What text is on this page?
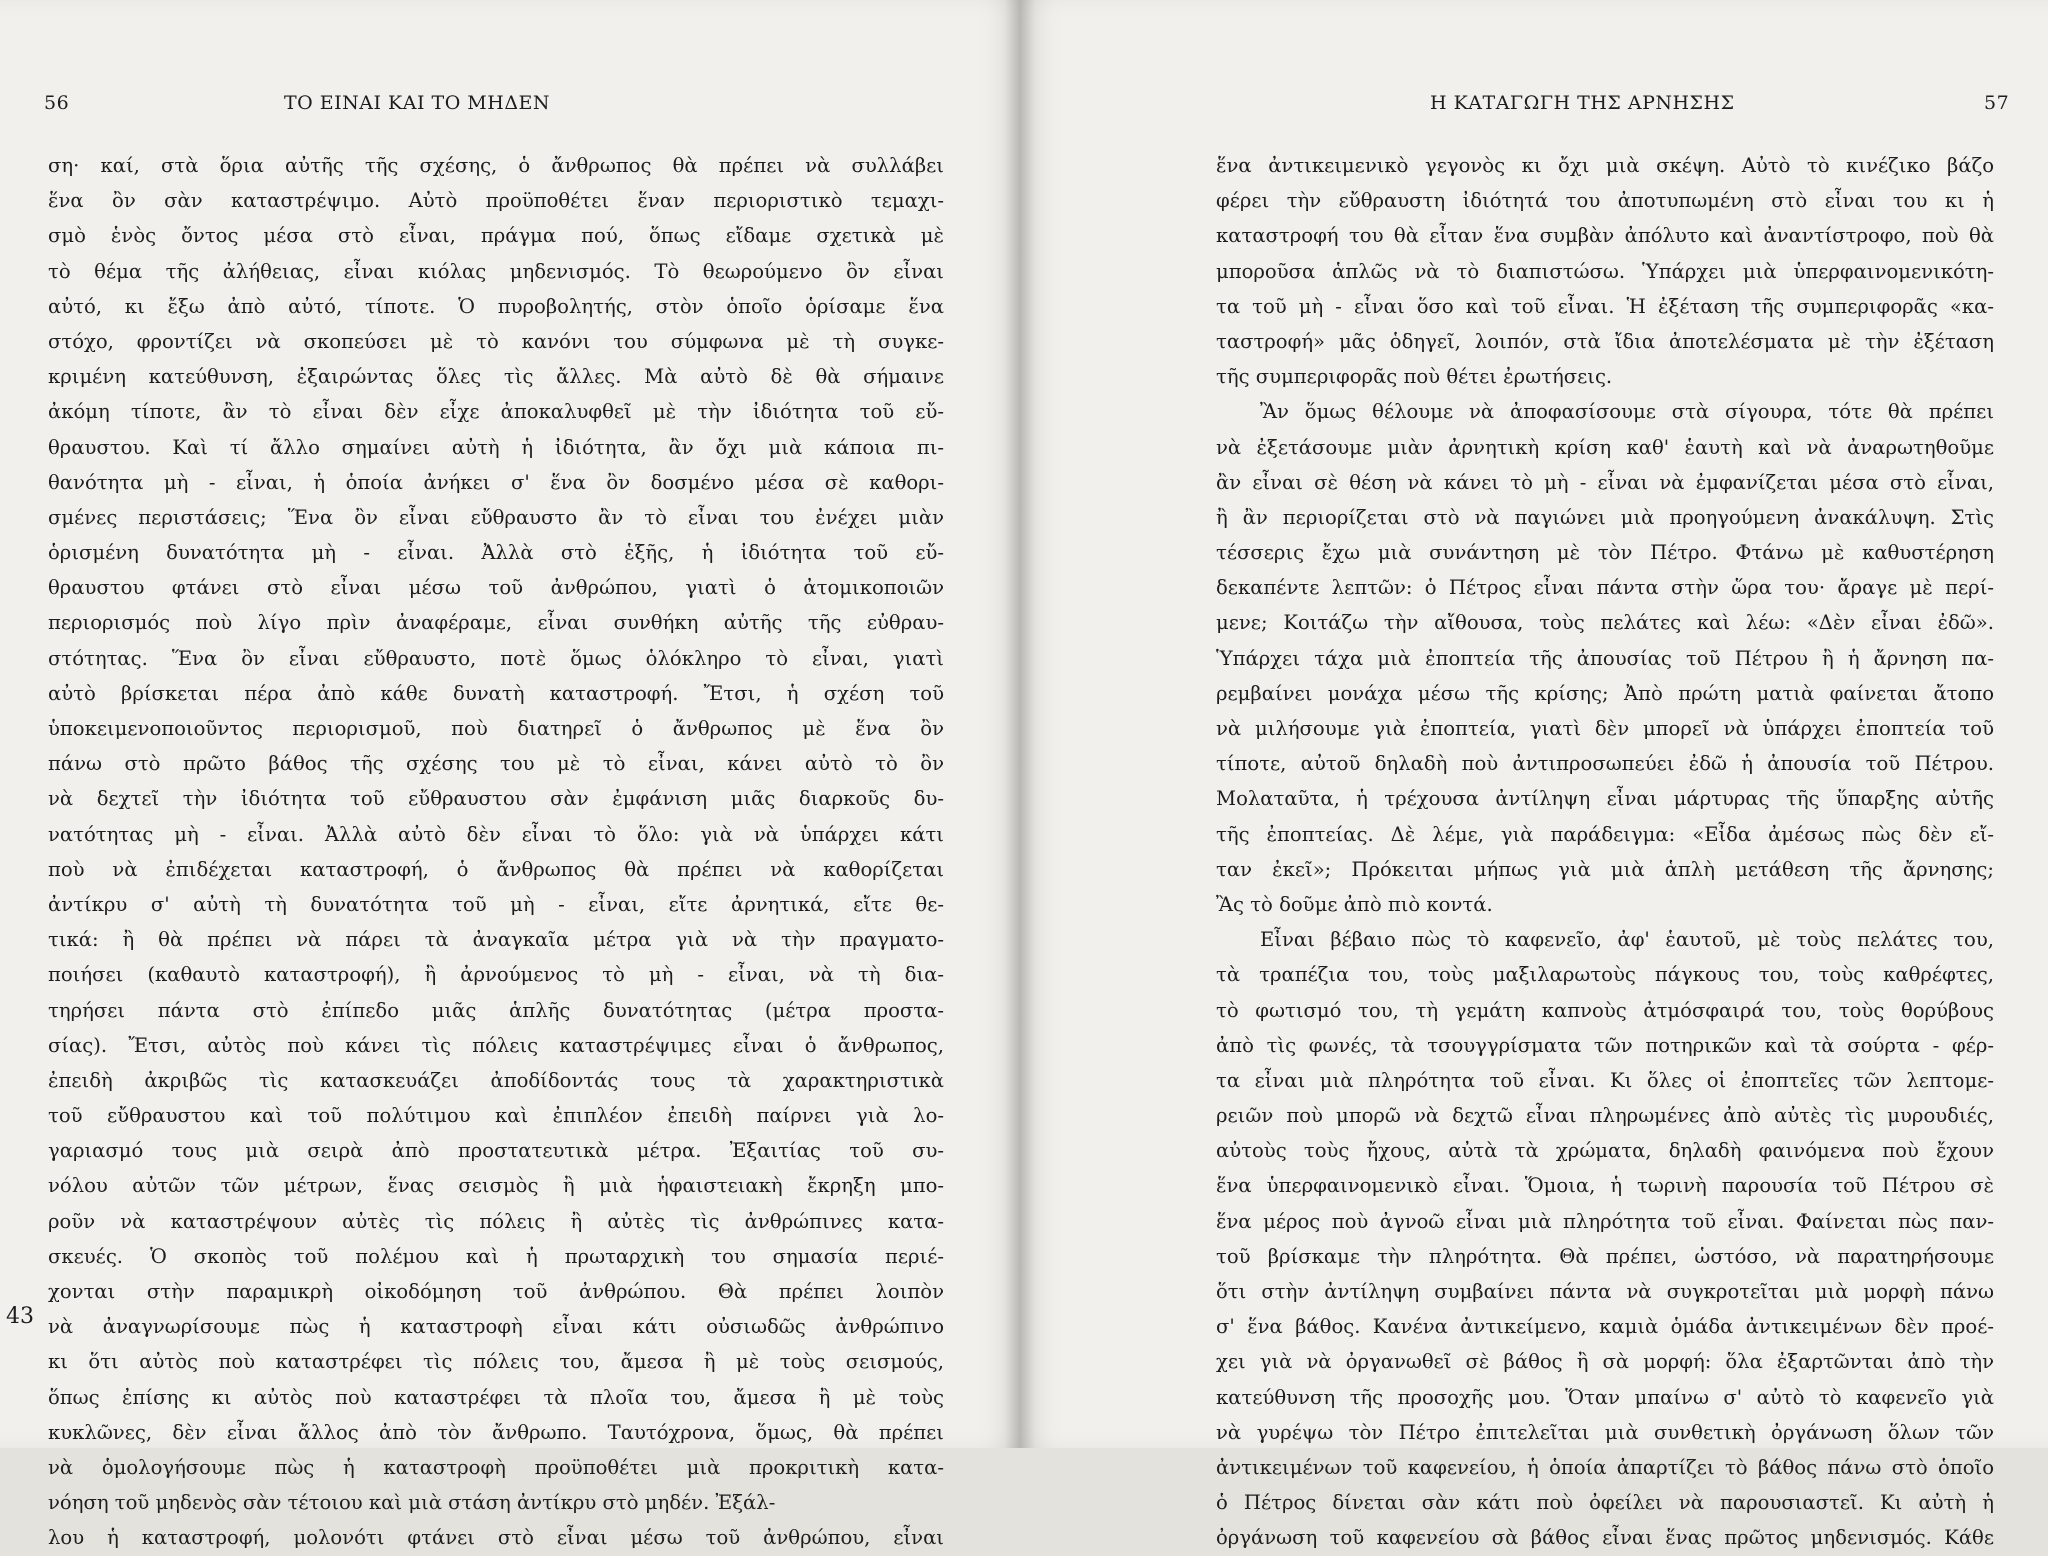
56	ΤΟ ΕΙΝΑΙ ΚΑΙ ΤΟ ΜΗΔΕΝ
43
ση· καί, στὰ ὅρια αὐτῆς τῆς σχέσης, ὁ ἄνθρωπος θὰ πρέπει νὰ συλλάβει
ἕνα ὂν σὰν καταστρέψιμο. Αὐτὸ προϋποθέτει ἕναν περιοριστικὸ τεμαχι-
σμὸ ἑνὸς ὄντος μέσα στὸ εἶναι, πράγμα πού, ὅπως εἴδαμε σχετικὰ μὲ
τὸ θέμα τῆς ἀλήθειας, εἶναι κιόλας μηδενισμός. Τὸ θεωρούμενο ὂν εἶναι
αὐτό, κι ἔξω ἀπὸ αὐτό, τίποτε. Ὁ πυροβολητής, στὸν ὁποῖο ὁρίσαμε ἕνα
στόχο, φροντίζει νὰ σκοπεύσει μὲ τὸ κανόνι του σύμφωνα μὲ τὴ συγκε-
κριμένη κατεύθυνση, ἐξαιρώντας ὅλες τὶς ἄλλες. Μὰ αὐτὸ δὲ θὰ σήμαινε
ἀκόμη τίποτε, ἂν τὸ εἶναι δὲν εἶχε ἀποκαλυφθεῖ μὲ τὴν ἰδιότητα τοῦ εὔ-
θραυστου. Καὶ τί ἄλλο σημαίνει αὐτὴ ἡ ἰδιότητα, ἂν ὄχι μιὰ κάποια πι-
θανότητα μὴ - εἶναι, ἡ ὁποία ἀνήκει σ' ἕνα ὂν δοσμένο μέσα σὲ καθορι-
σμένες περιστάσεις; Ἕνα ὂν εἶναι εὔθραυστο ἂν τὸ εἶναι του ἐνέχει μιὰν
ὁρισμένη δυνατότητα μὴ - εἶναι. Ἀλλὰ στὸ ἑξῆς, ἡ ἰδιότητα τοῦ εὔ-
θραυστου φτάνει στὸ εἶναι μέσω τοῦ ἀνθρώπου, γιατὶ ὁ ἀτομικοποιῶν
περιορισμός ποὺ λίγο πρὶν ἀναφέραμε, εἶναι συνθήκη αὐτῆς τῆς εὐθραυ-
στότητας. Ἕνα ὂν εἶναι εὔθραυστο, ποτὲ ὅμως ὁλόκληρο τὸ εἶναι, γιατὶ
αὐτὸ βρίσκεται πέρα ἀπὸ κάθε δυνατὴ καταστροφή. Ἔτσι, ἡ σχέση τοῦ
ὑποκειμενοποιοῦντος περιορισμοῦ, ποὺ διατηρεῖ ὁ ἄνθρωπος μὲ ἕνα ὂν
πάνω στὸ πρῶτο βάθος τῆς σχέσης του μὲ τὸ εἶναι, κάνει αὐτὸ τὸ ὂν
νὰ δεχτεῖ τὴν ἰδιότητα τοῦ εὔθραυστου σὰν ἐμφάνιση μιᾶς διαρκοῦς δυ-
νατότητας μὴ - εἶναι. Ἀλλὰ αὐτὸ δὲν εἶναι τὸ ὅλο: γιὰ νὰ ὑπάρχει κάτι
ποὺ νὰ ἐπιδέχεται καταστροφή, ὁ ἄνθρωπος θὰ πρέπει νὰ καθορίζεται
ἀντίκρυ σ' αὐτὴ τὴ δυνατότητα τοῦ μὴ - εἶναι, εἴτε ἀρνητικά, εἴτε θε-
τικά: ἢ θὰ πρέπει νὰ πάρει τὰ ἀναγκαῖα μέτρα γιὰ νὰ τὴν πραγματο-
ποιήσει (καθαυτὸ καταστροφή), ἢ ἀρνούμενος τὸ μὴ - εἶναι, νὰ τὴ δια-
τηρήσει πάντα στὸ ἐπίπεδο μιᾶς ἁπλῆς δυνατότητας (μέτρα προστα-
σίας). Ἔτσι, αὐτὸς ποὺ κάνει τὶς πόλεις καταστρέψιμες εἶναι ὁ ἄνθρωπος,
ἐπειδὴ ἀκριβῶς τὶς κατασκευάζει ἀποδίδοντάς τους τὰ χαρακτηριστικὰ
τοῦ εὔθραυστου καὶ τοῦ πολύτιμου καὶ ἐπιπλέον ἐπειδὴ παίρνει γιὰ λο-
γαριασμό τους μιὰ σειρὰ ἀπὸ προστατευτικὰ μέτρα. Ἐξαιτίας τοῦ συ-
νόλου αὐτῶν τῶν μέτρων, ἕνας σεισμὸς ἢ μιὰ ἡφαιστειακὴ ἔκρηξη μπο-
ροῦν νὰ καταστρέψουν αὐτὲς τὶς πόλεις ἢ αὐτὲς τὶς ἀνθρώπινες κατα-
σκευές. Ὁ σκοπὸς τοῦ πολέμου καὶ ἡ πρωταρχικὴ του σημασία περιέ-
χονται στὴν παραμικρὴ οἰκοδόμηση τοῦ ἀνθρώπου. Θὰ πρέπει λοιπὸν
νὰ ἀναγνωρίσουμε πὼς ἡ καταστροφὴ εἶναι κάτι οὐσιωδῶς ἀνθρώπινο
κι ὅτι αὐτὸς ποὺ καταστρέφει τὶς πόλεις του, ἄμεσα ἢ μὲ τοὺς σεισμούς,
ὅπως ἐπίσης κι αὐτὸς ποὺ καταστρέφει τὰ πλοῖα του, ἄμεσα ἢ μὲ τοὺς
κυκλῶνες, δὲν εἶναι ἄλλος ἀπὸ τὸν ἄνθρωπο. Ταυτόχρονα, ὅμως, θὰ πρέπει
νὰ ὁμολογήσουμε πὼς ἡ καταστροφὴ προϋποθέτει μιὰ προκριτικὴ κατα-
νόηση τοῦ μηδενὸς σὰν τέτοιου καὶ μιὰ στάση ἀντίκρυ στὸ μηδέν. Ἐξάλ-
λου ἡ καταστροφή, μολονότι φτάνει στὸ εἶναι μέσω τοῦ ἀνθρώπου, εἶναι
Η ΚΑΤΑΓΩΓΗ ΤΗΣ ΑΡΝΗΣΗΣ	57
ἕνα ἀντικειμενικὸ γεγονὸς κι ὄχι μιὰ σκέψη. Αὐτὸ τὸ κινέζικο βάζο
φέρει τὴν εὔθραυστη ἰδιότητά του ἀποτυπωμένη στὸ εἶναι του κι ἡ
καταστροφή του θὰ εἶταν ἕνα συμβὰν ἀπόλυτο καὶ ἀναντίστροφο, ποὺ θὰ
μποροῦσα ἁπλῶς νὰ τὸ διαπιστώσω. Ὑπάρχει μιὰ ὑπερφαινομενικότη-
τα τοῦ μὴ - εἶναι ὅσο καὶ τοῦ εἶναι. Ἡ ἐξέταση τῆς συμπεριφορᾶς «κα-
ταστροφή» μᾶς ὁδηγεῖ, λοιπόν, στὰ ἴδια ἀποτελέσματα μὲ τὴν ἐξέταση
τῆς συμπεριφορᾶς ποὺ θέτει ἐρωτήσεις.
Ἂν ὅμως θέλουμε νὰ ἀποφασίσουμε στὰ σίγουρα, τότε θὰ πρέπει
νὰ ἐξετάσουμε μιὰν ἀρνητικὴ κρίση καθ' ἑαυτὴ καὶ νὰ ἀναρωτηθοῦμε
ἂν εἶναι σὲ θέση νὰ κάνει τὸ μὴ - εἶναι νὰ ἐμφανίζεται μέσα στὸ εἶναι,
ἢ ἂν περιορίζεται στὸ νὰ παγιώνει μιὰ προηγούμενη ἀνακάλυψη. Στὶς
τέσσερις ἔχω μιὰ συνάντηση μὲ τὸν Πέτρο. Φτάνω μὲ καθυστέρηση
δεκαπέντε λεπτῶν: ὁ Πέτρος εἶναι πάντα στὴν ὥρα του· ἄραγε μὲ περί-
μενε; Κοιτάζω τὴν αἴθουσα, τοὺς πελάτες καὶ λέω: «Δὲν εἶναι ἐδῶ».
Ὑπάρχει τάχα μιὰ ἐποπτεία τῆς ἀπουσίας τοῦ Πέτρου ἢ ἡ ἄρνηση πα-
ρεμβαίνει μονάχα μέσω τῆς κρίσης; Ἀπὸ πρώτη ματιὰ φαίνεται ἄτοπο
νὰ μιλήσουμε γιὰ ἐποπτεία, γιατὶ δὲν μπορεῖ νὰ ὑπάρχει ἐποπτεία τοῦ
τίποτε, αὐτοῦ δηλαδὴ ποὺ ἀντιπροσωπεύει ἐδῶ ἡ ἀπουσία τοῦ Πέτρου.
Μολαταῦτα, ἡ τρέχουσα ἀντίληψη εἶναι μάρτυρας τῆς ὕπαρξης αὐτῆς
τῆς ἐποπτείας. Δὲ λέμε, γιὰ παράδειγμα: «Εἶδα ἀμέσως πὼς δὲν εἴ-
ταν ἐκεῖ»; Πρόκειται μήπως γιὰ μιὰ ἁπλὴ μετάθεση τῆς ἄρνησης;
Ἂς τὸ δοῦμε ἀπὸ πιὸ κοντά.
Εἶναι βέβαιο πὼς τὸ καφενεῖο, ἀφ' ἑαυτοῦ, μὲ τοὺς πελάτες του,
τὰ τραπέζια του, τοὺς μαξιλαρωτοὺς πάγκους του, τοὺς καθρέφτες,
τὸ φωτισμό του, τὴ γεμάτη καπνοὺς ἀτμόσφαιρά του, τοὺς θορύβους
ἀπὸ τὶς φωνές, τὰ τσουγγρίσματα τῶν ποτηρικῶν καὶ τὰ σούρτα - φέρ-
τα εἶναι μιὰ πληρότητα τοῦ εἶναι. Κι ὅλες οἱ ἐποπτεῖες τῶν λεπτομε-
ρειῶν ποὺ μπορῶ νὰ δεχτῶ εἶναι πληρωμένες ἀπὸ αὐτὲς τὶς μυρουδιές,
αὐτοὺς τοὺς ἤχους, αὐτὰ τὰ χρώματα, δηλαδὴ φαινόμενα ποὺ ἔχουν
ἕνα ὑπερφαινομενικὸ εἶναι. Ὅμοια, ἡ τωρινὴ παρουσία τοῦ Πέτρου σὲ
ἕνα μέρος ποὺ ἀγνοῶ εἶναι μιὰ πληρότητα τοῦ εἶναι. Φαίνεται πὼς παν-
τοῦ βρίσκαμε τὴν πληρότητα. Θὰ πρέπει, ὡστόσο, νὰ παρατηρήσουμε
ὅτι στὴν ἀντίληψη συμβαίνει πάντα νὰ συγκροτεῖται μιὰ μορφὴ πάνω
σ' ἕνα βάθος. Κανένα ἀντικείμενο, καμιὰ ὁμάδα ἀντικειμένων δὲν προέ-
χει γιὰ νὰ ὀργανωθεῖ σὲ βάθος ἢ σὰ μορφή: ὅλα ἐξαρτῶνται ἀπὸ τὴν
κατεύθυνση τῆς προσοχῆς μου. Ὅταν μπαίνω σ' αὐτὸ τὸ καφενεῖο γιὰ
νὰ γυρέψω τὸν Πέτρο ἐπιτελεῖται μιὰ συνθετικὴ ὀργάνωση ὅλων τῶν
ἀντικειμένων τοῦ καφενείου, ἡ ὁποία ἀπαρτίζει τὸ βάθος πάνω στὸ ὁποῖο
ὁ Πέτρος δίνεται σὰν κάτι ποὺ ὀφείλει νὰ παρουσιαστεῖ. Κι αὐτὴ ἡ
ὀργάνωση τοῦ καφενείου σὰ βάθος εἶναι ἕνας πρῶτος μηδενισμός. Κάθε
